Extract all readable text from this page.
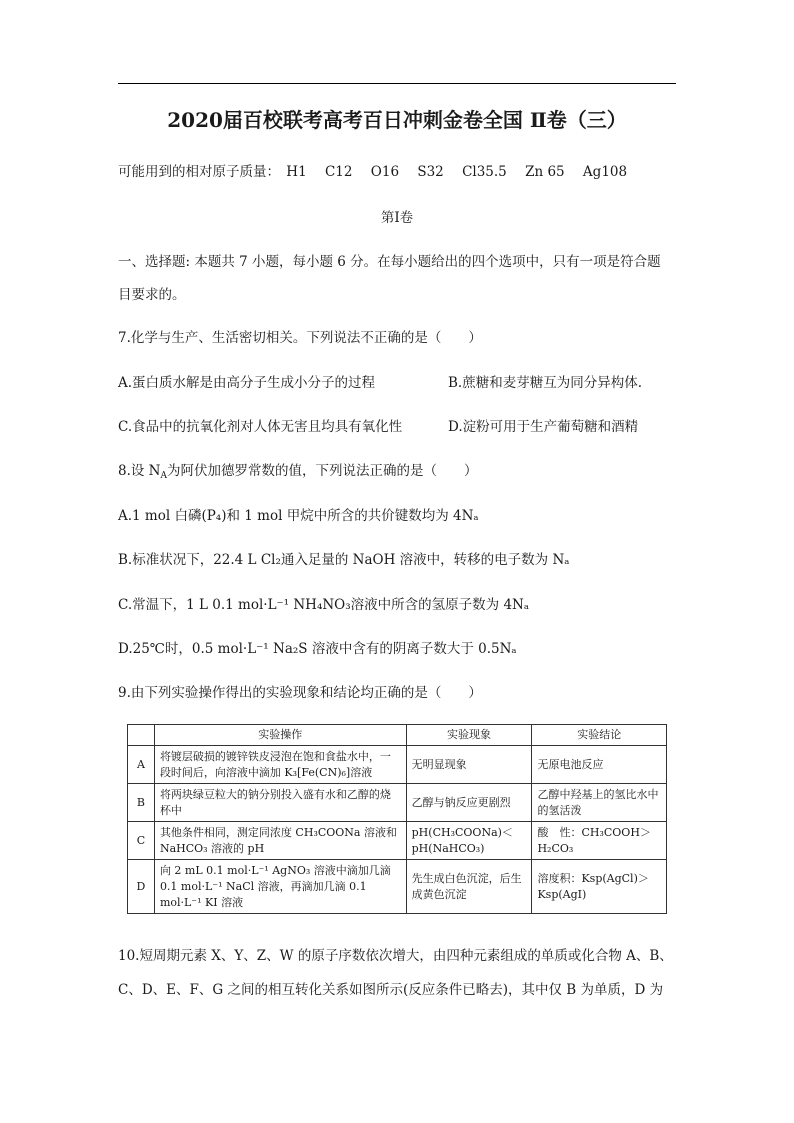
2020届百校联考高考百日冲刺金卷全国 Ⅱ卷（三）
可能用到的相对原子质量： H1 C12 O16 S32 Cl35.5 Zn 65 Ag108
第Ⅰ卷
一、选择题: 本题共 7 小题，每小题 6 分。在每小题给出的四个选项中，只有一项是符合题
目要求的。
7.化学与生产、生活密切相关。下列说法不正确的是（　　）
A.蛋白质水解是由高分子生成小分子的过程	B.蔗糖和麦芽糖互为同分异构体.
C.食品中的抗氧化剂对人体无害且均具有氧化性	D.淀粉可用于生产葡萄糖和酒精
8.设 $N_A$为阿伏加德罗常数的值，下列说法正确的是（　　）
A.1 mol 白磷(P₄)和 1 mol 甲烷中所含的共价键数均为 4Nₐ
B.标准状况下，22.4 L Cl₂通入足量的 NaOH 溶液中，转移的电子数为 Nₐ
C.常温下，1 L 0.1 mol·L⁻¹ NH₄NO₃溶液中所含的氢原子数为 4Nₐ
D.25℃时，0.5 mol·L⁻¹ Na₂S 溶液中含有的阴离子数大于 0.5Nₐ
9.由下列实验操作得出的实验现象和结论均正确的是（　　）
	实验操作	实验现象	实验结论
A	将镀层破损的镀锌铁皮浸泡在饱和食盐水中，一段时间后，向溶液中滴加 K₃[Fe(CN)₆]溶液	无明显现象	无原电池反应
B	将两块绿豆粒大的钠分别投入盛有水和乙醇的烧杯中	乙醇与钠反应更剧烈	乙醇中羟基上的氢比水中的氢活泼
C	其他条件相同，测定同浓度 CH₃COONa 溶液和 NaHCO₃ 溶液的 pH	pH(CH₃COONa)＜pH(NaHCO₃)	酸　性：CH₃COOH＞H₂CO₃
D	向 2 mL 0.1 mol·L⁻¹ AgNO₃ 溶液中滴加几滴 0.1 mol·L⁻¹ NaCl 溶液，再滴加几滴 0.1 mol·L⁻¹ KI 溶液	先生成白色沉淀，后生成黄色沉淀	溶度积：Ksp(AgCl)＞Ksp(AgI)
10.短周期元素 X、Y、Z、W 的原子序数依次增大，由四种元素组成的单质或化合物 A、B、
C、D、E、F、G 之间的相互转化关系如图所示(反应条件已略去)，其中仅 B 为单质，D 为
